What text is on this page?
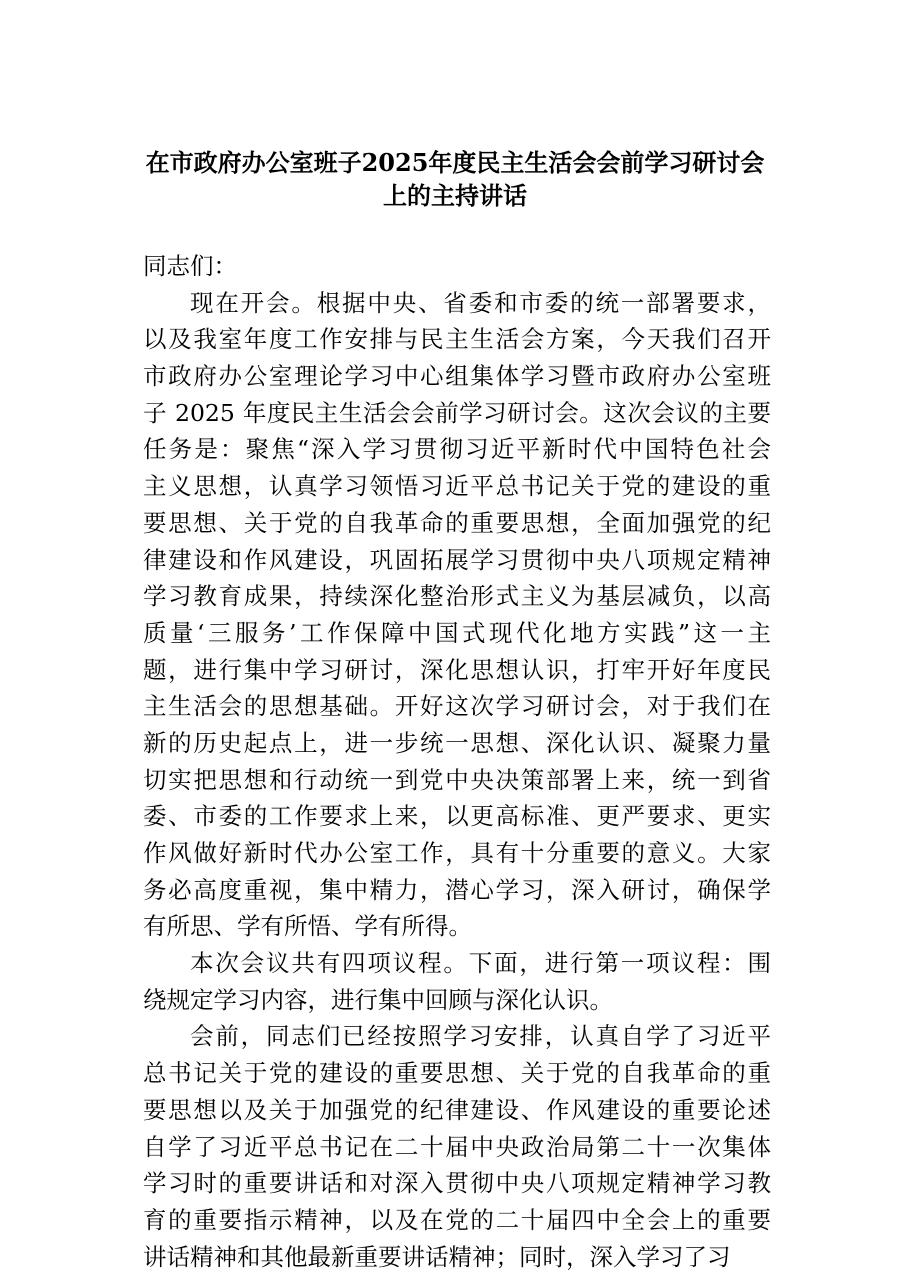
在市政府办公室班子2025年度民主生活会会前学习研讨会
上的主持讲话
同志们：
现在开会。根据中央、省委和市委的统一部署要求，
以及我室年度工作安排与民主生活会方案，今天我们召开
市政府办公室理论学习中心组集体学习暨市政府办公室班
子 2025 年度民主生活会会前学习研讨会。这次会议的主要
任务是：聚焦“深入学习贯彻习近平新时代中国特色社会
主义思想，认真学习领悟习近平总书记关于党的建设的重
要思想、关于党的自我革命的重要思想，全面加强党的纪
律建设和作风建设，巩固拓展学习贯彻中央八项规定精神
学习教育成果，持续深化整治形式主义为基层减负，以高
质量‘三服务’工作保障中国式现代化地方实践”这一主
题，进行集中学习研讨，深化思想认识，打牢开好年度民
主生活会的思想基础。开好这次学习研讨会，对于我们在
新的历史起点上，进一步统一思想、深化认识、凝聚力量
切实把思想和行动统一到党中央决策部署上来，统一到省
委、市委的工作要求上来，以更高标准、更严要求、更实
作风做好新时代办公室工作，具有十分重要的意义。大家
务必高度重视，集中精力，潜心学习，深入研讨，确保学
有所思、学有所悟、学有所得。
本次会议共有四项议程。下面，进行第一项议程：围
绕规定学习内容，进行集中回顾与深化认识。
会前，同志们已经按照学习安排，认真自学了习近平
总书记关于党的建设的重要思想、关于党的自我革命的重
要思想以及关于加强党的纪律建设、作风建设的重要论述
自学了习近平总书记在二十届中央政治局第二十一次集体
学习时的重要讲话和对深入贯彻中央八项规定精神学习教
育的重要指示精神，以及在党的二十届四中全会上的重要
讲话精神和其他最新重要讲话精神；同时，深入学习了习
